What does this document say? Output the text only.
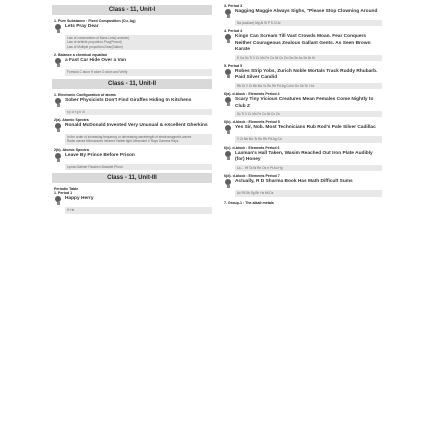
Class - 11, Unit-I
1. Pure Substance : Fixed Composition (Cu, Ag)
Lets Pray Dear
Law of conservation of Mass-Lets(Lavoisier)
Law of definite proportion-Pray(Proust)
Law of Multiple proportion-Dear(Dalton)
2. Balance a chemical equation
a Fast Car Hide Over a Van
Formula C atom H atom O atom and Verify
Class - 11, Unit-II
1. Electronic Configuration of atoms
Sober Physicists Don't Find Giraffes Hiding In Kitchens
s p d f g h i k
2(a). Atomic Spectra
Ronald McDonald Invented Very Unusual & eXcellent Gherkins
In the order of increasing frequency or decreasing wavelength of electromagnetic waves
Radio waves Microwaves Infrared Visible light Ultraviolet X Rays Gamma Rays
2(b). Atomic Spectra
Leave By Prince Before Prison
Lyman Balmer Paschen Brackett Pfund
Class - 11, Unit-III
Periodic Table
1. Period 1
Happy Herry
H He
3. Period 3
Nagging Maggie Always Sighs, "Please Stop Clowning Around
Na (sodium) Mg Al Si P S Cl Ar
4. Period 4
Kings Can Scream Till Vast Crowds Moan. Fear Conquers Neither Courageous Zealous Gallant Gents. As Seen Brown Karate
K Ca Sc Ti V Cr Mn Fe Co Ni Cu Zn Ga Ge As Se Br Kr
5. Period 5
Robes Strip Yobs, Zurich Noble Mortals Track Ruddy Rhubarb. Paid Silver Candid
Rb Sr Y Zr Nb Mo Tc Ru Rh Pd Ag Cd In Sn Sb Te I Xe
6(a). d-block : Elements Period 4
Scary Tiny Vicious Creatures Mean Females Come Nightly to Club Z
Sc Ti V Cr Mn Fe Co Ni Cu Zn
6(b). d-block : Elements Period 5
Yes Sir, Nob. Most Technicians Rub Rod's Pale Silver Cadillac
Y Zr Nb Mo Tc Ru Rh Pd Ag Cd
6(c). d-block : Elements Period 6
Laxman's Hall Taken, Wasim Reached Out Iron Plate Audibly (for) Honey
La ... Hf Ta W Re Os Ir Pt Au Hg
6(d). d-block : Elements Period 7
Actually, R D Sharma Book Has Math Difficult Sums
Ac Rf Db Sg Bh Hs Mt Ds
7. Group-1 : The alkali metals
